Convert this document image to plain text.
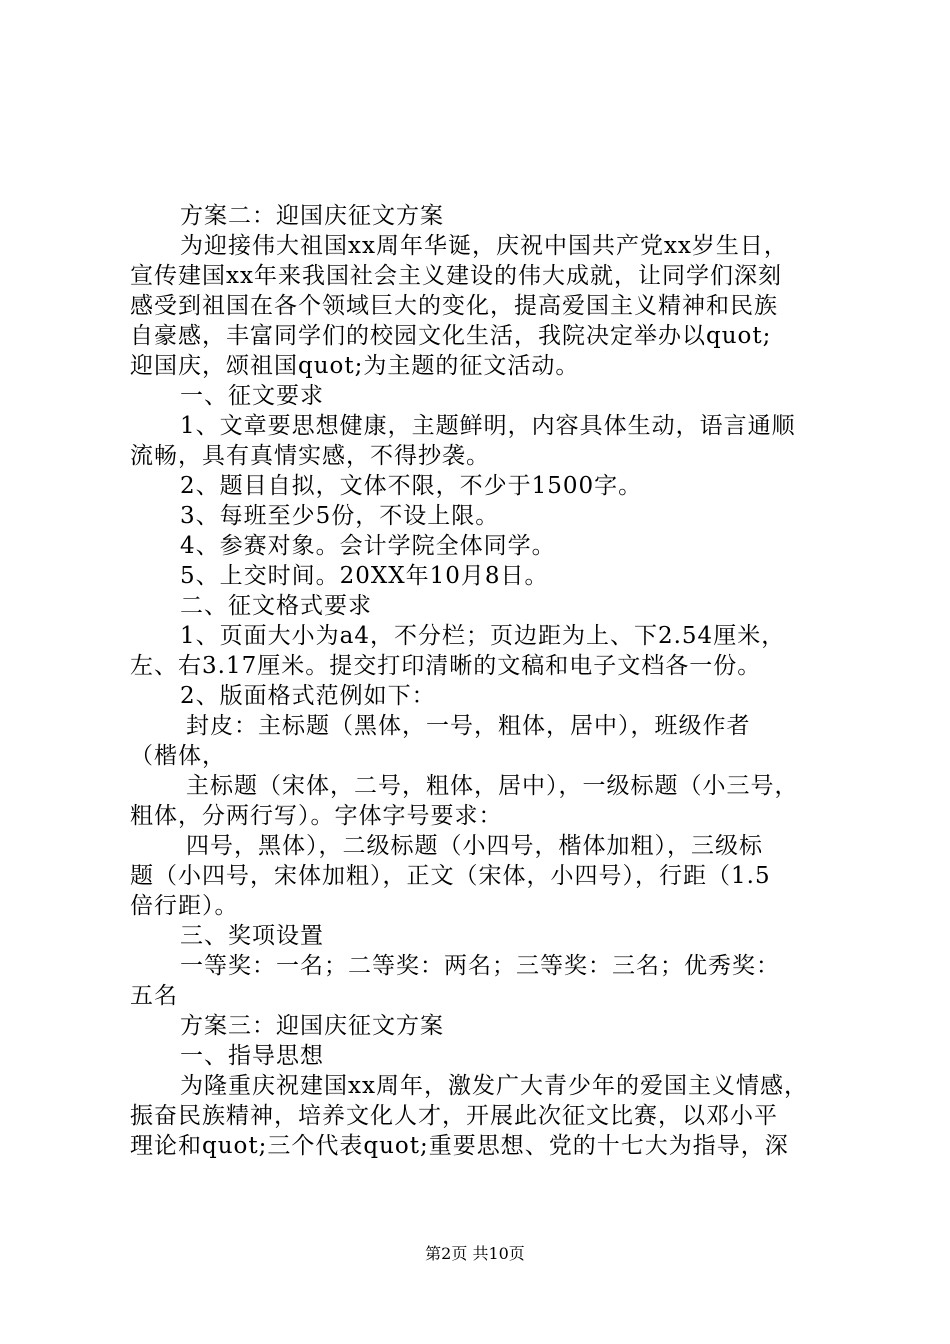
方案二：迎国庆征文方案
为迎接伟大祖国xx周年华诞，庆祝中国共产党xx岁生日，
宣传建国xx年来我国社会主义建设的伟大成就，让同学们深刻
感受到祖国在各个领域巨大的变化，提高爱国主义精神和民族
自豪感，丰富同学们的校园文化生活，我院决定举办以quot;
迎国庆，颂祖国quot;为主题的征文活动。
一、征文要求
1、文章要思想健康，主题鲜明，内容具体生动，语言通顺
流畅，具有真情实感，不得抄袭。
2、题目自拟，文体不限，不少于1500字。
3、每班至少5份，不设上限。
4、参赛对象。会计学院全体同学。
5、上交时间。20XX年10月8日。
二、征文格式要求
1、页面大小为a4，不分栏；页边距为上、下2.54厘米，
左、右3.17厘米。提交打印清晰的文稿和电子文档各一份。
2、版面格式范例如下：
封皮：主标题（黑体，一号，粗体，居中），班级作者
（楷体，
主标题（宋体，二号，粗体，居中），一级标题（小三号，
粗体，分两行写）。字体字号要求：
四号，黑体），二级标题（小四号，楷体加粗），三级标
题（小四号，宋体加粗），正文（宋体，小四号），行距（1.5
倍行距）。
三、奖项设置
一等奖：一名；二等奖：两名；三等奖：三名；优秀奖：
五名
方案三：迎国庆征文方案
一、指导思想
为隆重庆祝建国xx周年，激发广大青少年的爱国主义情感，
振奋民族精神，培养文化人才，开展此次征文比赛，以邓小平
理论和quot;三个代表quot;重要思想、党的十七大为指导，深
第2页 共10页
